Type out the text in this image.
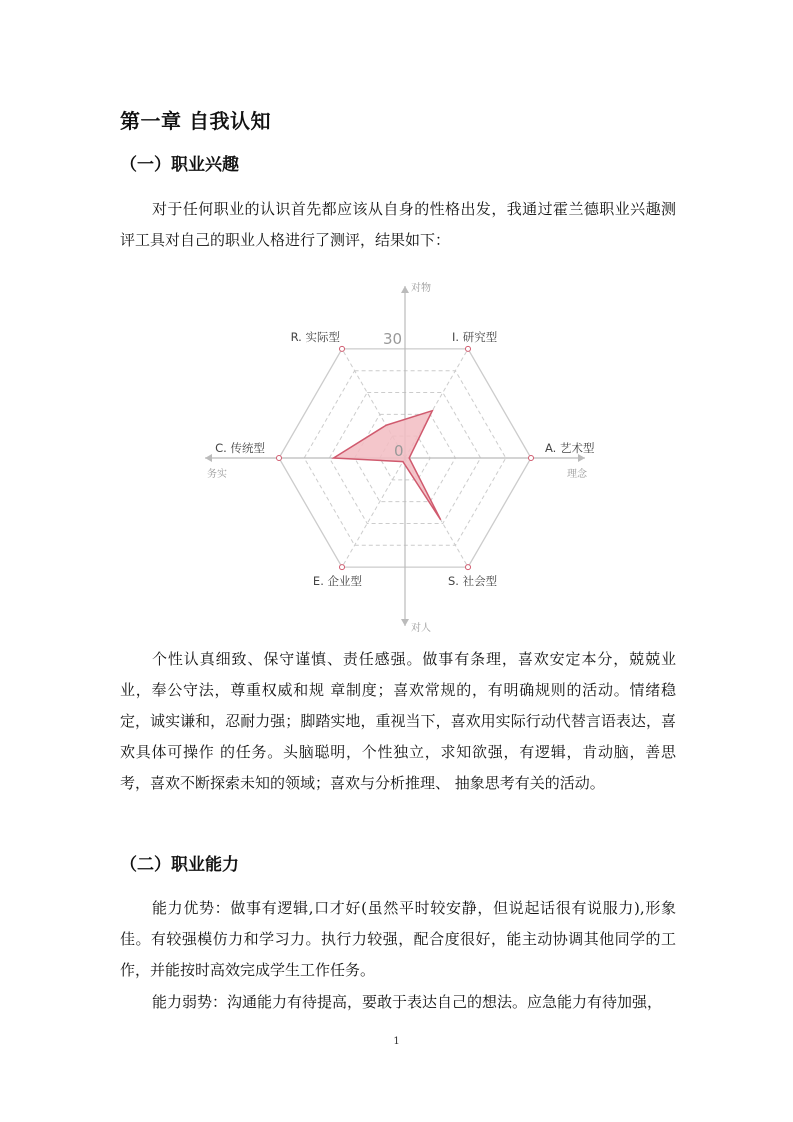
第一章 自我认知
（一）职业兴趣

对于任何职业的认识首先都应该从自身的性格出发，我通过霍兰德职业兴趣测评工具对自己的职业人格进行了测评，结果如下：

R. 实际型	I. 研究型
A. 艺术型
S. 社会型
E. 企业型
C. 传统型
30
0
对物
对人
务实	理念

个性认真细致、保守谨慎、责任感强。做事有条理，喜欢安定本分，兢兢业业，奉公守法，尊重权威和规 章制度；喜欢常规的，有明确规则的活动。情绪稳定，诚实谦和，忍耐力强；脚踏实地，重视当下，喜欢用实际行动代替言语表达，喜欢具体可操作 的任务。头脑聪明，个性独立，求知欲强，有逻辑，肯动脑，善思考，喜欢不断探索未知的领域；喜欢与分析推理、 抽象思考有关的活动。

（二）职业能力

能力优势：做事有逻辑,口才好(虽然平时较安静，但说起话很有说服力),形象佳。有较强模仿力和学习力。执行力较强，配合度很好，能主动协调其他同学的工作，并能按时高效完成学生工作任务。

能力弱势：沟通能力有待提高，要敢于表达自己的想法。应急能力有待加强，

1
